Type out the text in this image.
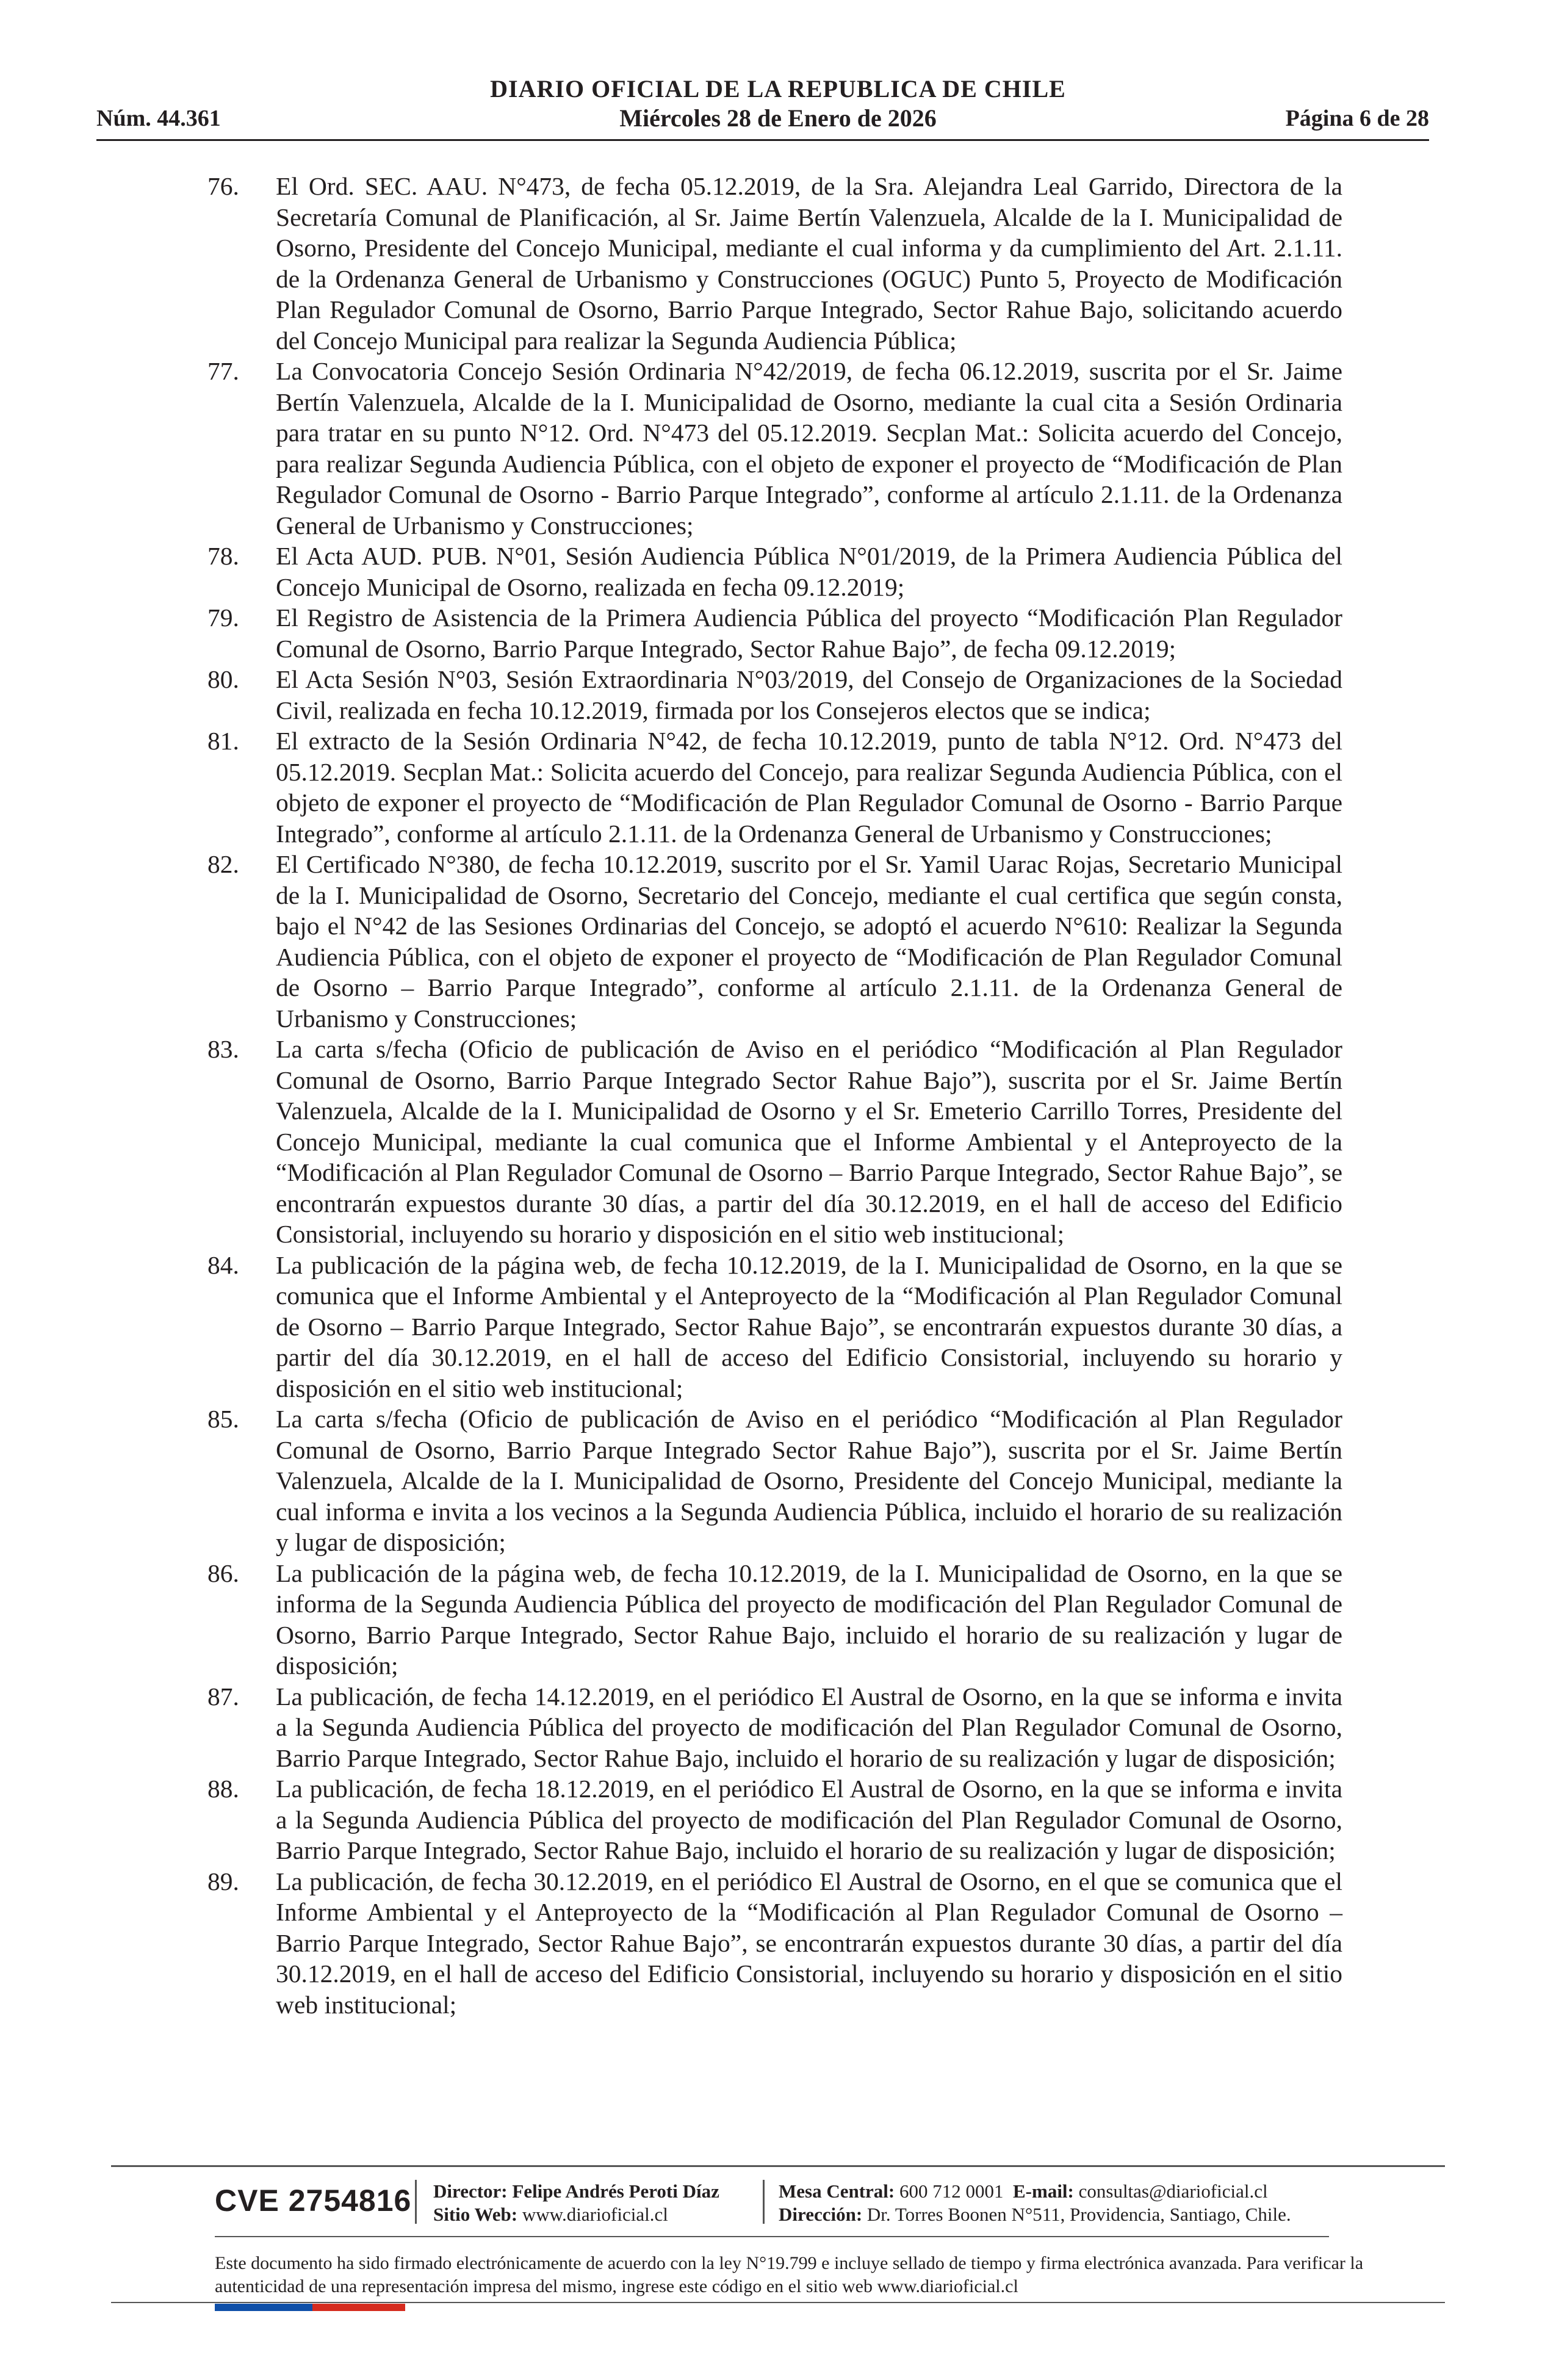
DIARIO OFICIAL DE LA REPUBLICA DE CHILE
Miércoles 28 de Enero de 2026
Núm. 44.361	Página 6 de 28
76. El Ord. SEC. AAU. N°473, de fecha 05.12.2019, de la Sra. Alejandra Leal Garrido, Directora de la Secretaría Comunal de Planificación, al Sr. Jaime Bertín Valenzuela, Alcalde de la I. Municipalidad de Osorno, Presidente del Concejo Municipal, mediante el cual informa y da cumplimiento del Art. 2.1.11. de la Ordenanza General de Urbanismo y Construcciones (OGUC) Punto 5, Proyecto de Modificación Plan Regulador Comunal de Osorno, Barrio Parque Integrado, Sector Rahue Bajo, solicitando acuerdo del Concejo Municipal para realizar la Segunda Audiencia Pública;
77. La Convocatoria Concejo Sesión Ordinaria N°42/2019, de fecha 06.12.2019, suscrita por el Sr. Jaime Bertín Valenzuela, Alcalde de la I. Municipalidad de Osorno, mediante la cual cita a Sesión Ordinaria para tratar en su punto N°12. Ord. N°473 del 05.12.2019. Secplan Mat.: Solicita acuerdo del Concejo, para realizar Segunda Audiencia Pública, con el objeto de exponer el proyecto de “Modificación de Plan Regulador Comunal de Osorno - Barrio Parque Integrado”, conforme al artículo 2.1.11. de la Ordenanza General de Urbanismo y Construcciones;
78. El Acta AUD. PUB. N°01, Sesión Audiencia Pública N°01/2019, de la Primera Audiencia Pública del Concejo Municipal de Osorno, realizada en fecha 09.12.2019;
79. El Registro de Asistencia de la Primera Audiencia Pública del proyecto “Modificación Plan Regulador Comunal de Osorno, Barrio Parque Integrado, Sector Rahue Bajo”, de fecha 09.12.2019;
80. El Acta Sesión N°03, Sesión Extraordinaria N°03/2019, del Consejo de Organizaciones de la Sociedad Civil, realizada en fecha 10.12.2019, firmada por los Consejeros electos que se indica;
81. El extracto de la Sesión Ordinaria N°42, de fecha 10.12.2019, punto de tabla N°12. Ord. N°473 del 05.12.2019. Secplan Mat.: Solicita acuerdo del Concejo, para realizar Segunda Audiencia Pública, con el objeto de exponer el proyecto de “Modificación de Plan Regulador Comunal de Osorno - Barrio Parque Integrado”, conforme al artículo 2.1.11. de la Ordenanza General de Urbanismo y Construcciones;
82. El Certificado N°380, de fecha 10.12.2019, suscrito por el Sr. Yamil Uarac Rojas, Secretario Municipal de la I. Municipalidad de Osorno, Secretario del Concejo, mediante el cual certifica que según consta, bajo el N°42 de las Sesiones Ordinarias del Concejo, se adoptó el acuerdo N°610: Realizar la Segunda Audiencia Pública, con el objeto de exponer el proyecto de “Modificación de Plan Regulador Comunal de Osorno – Barrio Parque Integrado”, conforme al artículo 2.1.11. de la Ordenanza General de Urbanismo y Construcciones;
83. La carta s/fecha (Oficio de publicación de Aviso en el periódico “Modificación al Plan Regulador Comunal de Osorno, Barrio Parque Integrado Sector Rahue Bajo”), suscrita por el Sr. Jaime Bertín Valenzuela, Alcalde de la I. Municipalidad de Osorno y el Sr. Emeterio Carrillo Torres, Presidente del Concejo Municipal, mediante la cual comunica que el Informe Ambiental y el Anteproyecto de la “Modificación al Plan Regulador Comunal de Osorno – Barrio Parque Integrado, Sector Rahue Bajo”, se encontrarán expuestos durante 30 días, a partir del día 30.12.2019, en el hall de acceso del Edificio Consistorial, incluyendo su horario y disposición en el sitio web institucional;
84. La publicación de la página web, de fecha 10.12.2019, de la I. Municipalidad de Osorno, en la que se comunica que el Informe Ambiental y el Anteproyecto de la “Modificación al Plan Regulador Comunal de Osorno – Barrio Parque Integrado, Sector Rahue Bajo”, se encontrarán expuestos durante 30 días, a partir del día 30.12.2019, en el hall de acceso del Edificio Consistorial, incluyendo su horario y disposición en el sitio web institucional;
85. La carta s/fecha (Oficio de publicación de Aviso en el periódico “Modificación al Plan Regulador Comunal de Osorno, Barrio Parque Integrado Sector Rahue Bajo”), suscrita por el Sr. Jaime Bertín Valenzuela, Alcalde de la I. Municipalidad de Osorno, Presidente del Concejo Municipal, mediante la cual informa e invita a los vecinos a la Segunda Audiencia Pública, incluido el horario de su realización y lugar de disposición;
86. La publicación de la página web, de fecha 10.12.2019, de la I. Municipalidad de Osorno, en la que se informa de la Segunda Audiencia Pública del proyecto de modificación del Plan Regulador Comunal de Osorno, Barrio Parque Integrado, Sector Rahue Bajo, incluido el horario de su realización y lugar de disposición;
87. La publicación, de fecha 14.12.2019, en el periódico El Austral de Osorno, en la que se informa e invita a la Segunda Audiencia Pública del proyecto de modificación del Plan Regulador Comunal de Osorno, Barrio Parque Integrado, Sector Rahue Bajo, incluido el horario de su realización y lugar de disposición;
88. La publicación, de fecha 18.12.2019, en el periódico El Austral de Osorno, en la que se informa e invita a la Segunda Audiencia Pública del proyecto de modificación del Plan Regulador Comunal de Osorno, Barrio Parque Integrado, Sector Rahue Bajo, incluido el horario de su realización y lugar de disposición;
89. La publicación, de fecha 30.12.2019, en el periódico El Austral de Osorno, en el que se comunica que el Informe Ambiental y el Anteproyecto de la “Modificación al Plan Regulador Comunal de Osorno – Barrio Parque Integrado, Sector Rahue Bajo”, se encontrarán expuestos durante 30 días, a partir del día 30.12.2019, en el hall de acceso del Edificio Consistorial, incluyendo su horario y disposición en el sitio web institucional;
CVE 2754816 Director: Felipe Andrés Peroti Díaz
Sitio Web: www.diarioficial.cl
Mesa Central: 600 712 0001 E-mail: consultas@diarioficial.cl
Dirección: Dr. Torres Boonen N°511, Providencia, Santiago, Chile.
Este documento ha sido firmado electrónicamente de acuerdo con la ley N°19.799 e incluye sellado de tiempo y firma electrónica avanzada. Para verificar la autenticidad de una representación impresa del mismo, ingrese este código en el sitio web www.diarioficial.cl
